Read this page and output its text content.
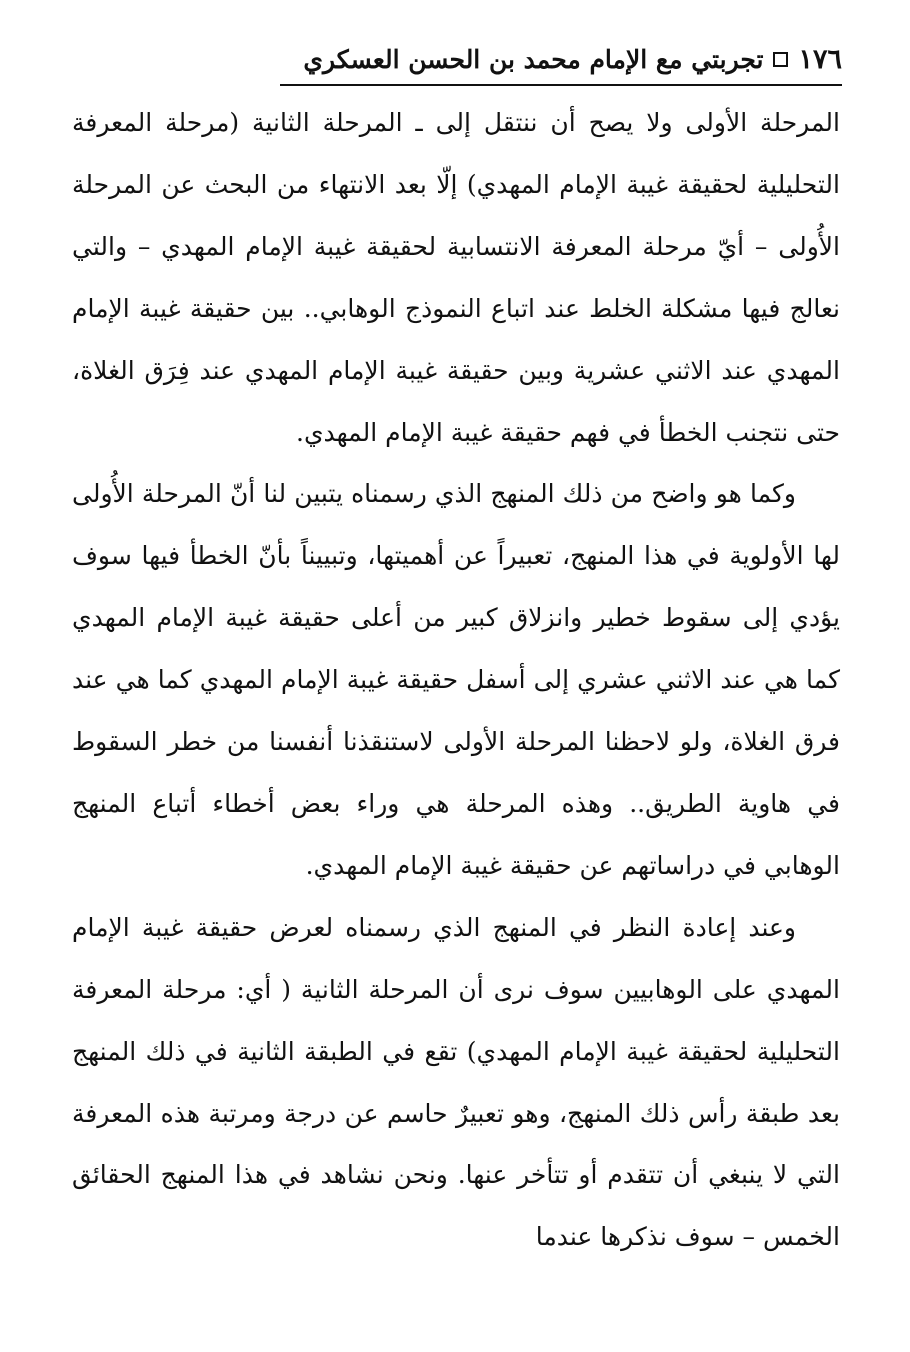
١٧٦
تجربتي مع الإمام محمد بن الحسن العسكري

المرحلة الأولى ولا يصح أن ننتقل إلى ـ المرحلة الثانية (مرحلة المعرفة التحليلية لحقيقة غيبة الإمام المهدي) إلّا بعد الانتهاء من البحث عن المرحلة الأُولى – أيّ مرحلة المعرفة الانتسابية لحقيقة غيبة الإمام المهدي – والتي نعالج فيها مشكلة الخلط عند اتباع النموذج الوهابي.. بين حقيقة غيبة الإمام المهدي عند الاثني عشرية وبين حقيقة غيبة الإمام المهدي عند فِرَق الغلاة، حتى نتجنب الخطأ في فهم حقيقة غيبة الإمام المهدي.

وكما هو واضح من ذلك المنهج الذي رسمناه يتبين لنا أنّ المرحلة الأُولى لها الأولوية في هذا المنهج، تعبيراً عن أهميتها، وتبييناً بأنّ الخطأ فيها سوف يؤدي إلى سقوط خطير وانزلاق كبير من أعلى حقيقة غيبة الإمام المهدي كما هي عند الاثني عشري إلى أسفل حقيقة غيبة الإمام المهدي كما هي عند فرق الغلاة، ولو لاحظنا المرحلة الأولى لاستنقذنا أنفسنا من خطر السقوط في هاوية الطريق.. وهذه المرحلة هي وراء بعض أخطاء أتباع المنهج الوهابي في دراساتهم عن حقيقة غيبة الإمام المهدي.

وعند إعادة النظر في المنهج الذي رسمناه لعرض حقيقة غيبة الإمام المهدي على الوهابيين سوف نرى أن المرحلة الثانية ( أي: مرحلة المعرفة التحليلية لحقيقة غيبة الإمام المهدي) تقع في الطبقة الثانية في ذلك المنهج بعد طبقة رأس ذلك المنهج، وهو تعبيرٌ حاسم عن درجة ومرتبة هذه المعرفة التي لا ينبغي أن تتقدم أو تتأخر عنها. ونحن نشاهد في هذا المنهج الحقائق الخمس – سوف نذكرها عندما
